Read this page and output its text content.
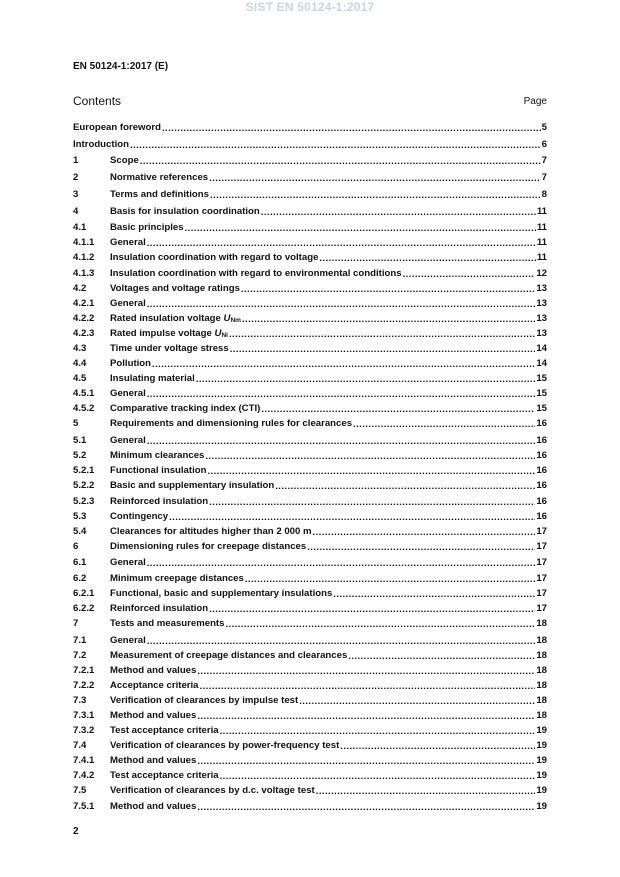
SIST EN 50124-1:2017
EN 50124-1:2017 (E)
Contents	Page
European foreword .....	5
Introduction .....	6
1	Scope .....	7
2	Normative references .....	7
3	Terms and definitions .....	8
4	Basis for insulation coordination .....	11
4.1	Basic principles .....	11
4.1.1	General .....	11
4.1.2	Insulation coordination with regard to voltage .....	11
4.1.3	Insulation coordination with regard to environmental conditions .....	12
4.2	Voltages and voltage ratings .....	13
4.2.1	General .....	13
4.2.2	Rated insulation voltage $U_{Nm}$ .....	13
4.2.3	Rated impulse voltage $U_{Ni}$ .....	13
4.3	Time under voltage stress .....	14
4.4	Pollution .....	14
4.5	Insulating material .....	15
4.5.1	General .....	15
4.5.2	Comparative tracking index (CTI) .....	15
5	Requirements and dimensioning rules for clearances .....	16
5.1	General .....	16
5.2	Minimum clearances .....	16
5.2.1	Functional insulation .....	16
5.2.2	Basic and supplementary insulation .....	16
5.2.3	Reinforced insulation .....	16
5.3	Contingency .....	16
5.4	Clearances for altitudes higher than 2 000 m .....	17
6	Dimensioning rules for creepage distances .....	17
6.1	General .....	17
6.2	Minimum creepage distances .....	17
6.2.1	Functional, basic and supplementary insulations .....	17
6.2.2	Reinforced insulation .....	17
7	Tests and measurements .....	18
7.1	General .....	18
7.2	Measurement of creepage distances and clearances .....	18
7.2.1	Method and values .....	18
7.2.2	Acceptance criteria .....	18
7.3	Verification of clearances by impulse test .....	18
7.3.1	Method and values .....	18
7.3.2	Test acceptance criteria .....	19
7.4	Verification of clearances by power-frequency test .....	19
7.4.1	Method and values .....	19
7.4.2	Test acceptance criteria .....	19
7.5	Verification of clearances by d.c. voltage test .....	19
7.5.1	Method and values .....	19
2
